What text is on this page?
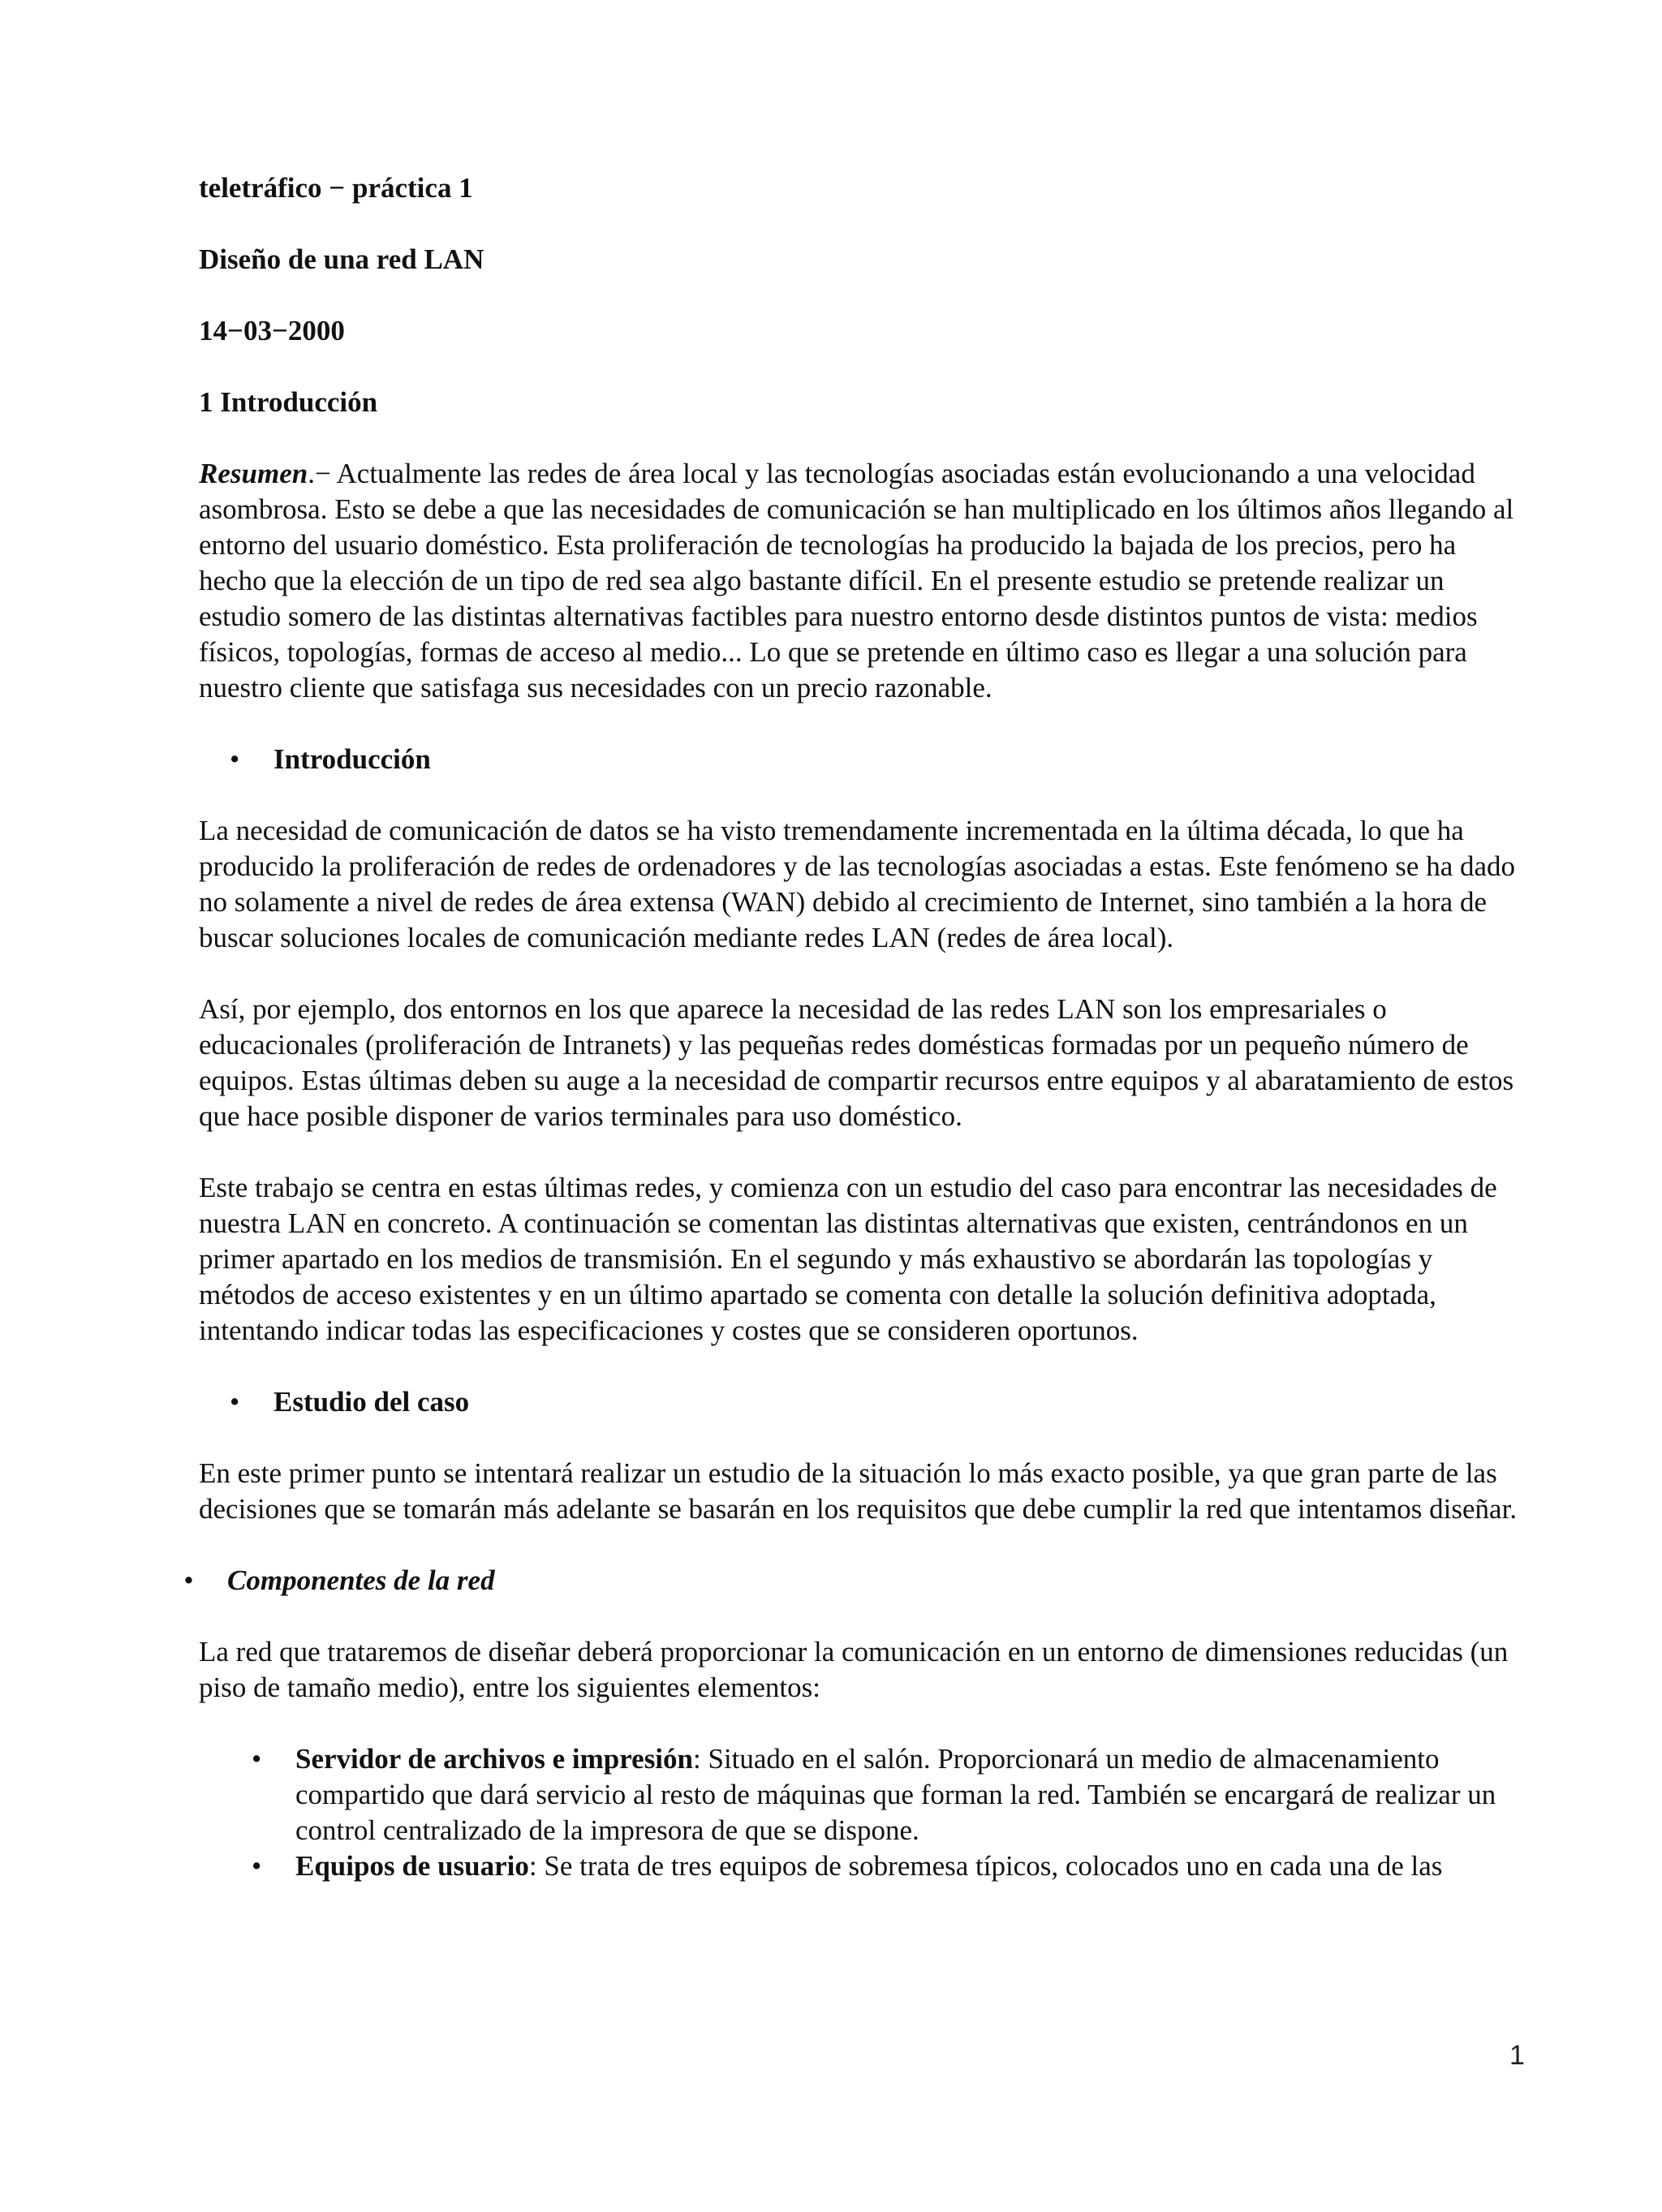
teletráfico − práctica 1
Diseño de una red LAN
14−03−2000
1 Introducción

Resumen.− Actualmente las redes de área local y las tecnologías asociadas están evolucionando a una velocidad asombrosa. Esto se debe a que las necesidades de comunicación se han multiplicado en los últimos años llegando al entorno del usuario doméstico. Esta proliferación de tecnologías ha producido la bajada de los precios, pero ha hecho que la elección de un tipo de red sea algo bastante difícil. En el presente estudio se pretende realizar un estudio somero de las distintas alternativas factibles para nuestro entorno desde distintos puntos de vista: medios físicos, topologías, formas de acceso al medio... Lo que se pretende en último caso es llegar a una solución para nuestro cliente que satisfaga sus necesidades con un precio razonable.

• Introducción

La necesidad de comunicación de datos se ha visto tremendamente incrementada en la última década, lo que ha producido la proliferación de redes de ordenadores y de las tecnologías asociadas a estas. Este fenómeno se ha dado no solamente a nivel de redes de área extensa (WAN) debido al crecimiento de Internet, sino también a la hora de buscar soluciones locales de comunicación mediante redes LAN (redes de área local).

Así, por ejemplo, dos entornos en los que aparece la necesidad de las redes LAN son los empresariales o educacionales (proliferación de Intranets) y las pequeñas redes domésticas formadas por un pequeño número de equipos. Estas últimas deben su auge a la necesidad de compartir recursos entre equipos y al abaratamiento de estos que hace posible disponer de varios terminales para uso doméstico.

Este trabajo se centra en estas últimas redes, y comienza con un estudio del caso para encontrar las necesidades de nuestra LAN en concreto. A continuación se comentan las distintas alternativas que existen, centrándonos en un primer apartado en los medios de transmisión. En el segundo y más exhaustivo se abordarán las topologías y métodos de acceso existentes y en un último apartado se comenta con detalle la solución definitiva adoptada, intentando indicar todas las especificaciones y costes que se consideren oportunos.

• Estudio del caso

En este primer punto se intentará realizar un estudio de la situación lo más exacto posible, ya que gran parte de las decisiones que se tomarán más adelante se basarán en los requisitos que debe cumplir la red que intentamos diseñar.

• Componentes de la red

La red que trataremos de diseñar deberá proporcionar la comunicación en un entorno de dimensiones reducidas (un piso de tamaño medio), entre los siguientes elementos:

• Servidor de archivos e impresión: Situado en el salón. Proporcionará un medio de almacenamiento compartido que dará servicio al resto de máquinas que forman la red. También se encargará de realizar un control centralizado de la impresora de que se dispone.
• Equipos de usuario: Se trata de tres equipos de sobremesa típicos, colocados uno en cada una de las
1
